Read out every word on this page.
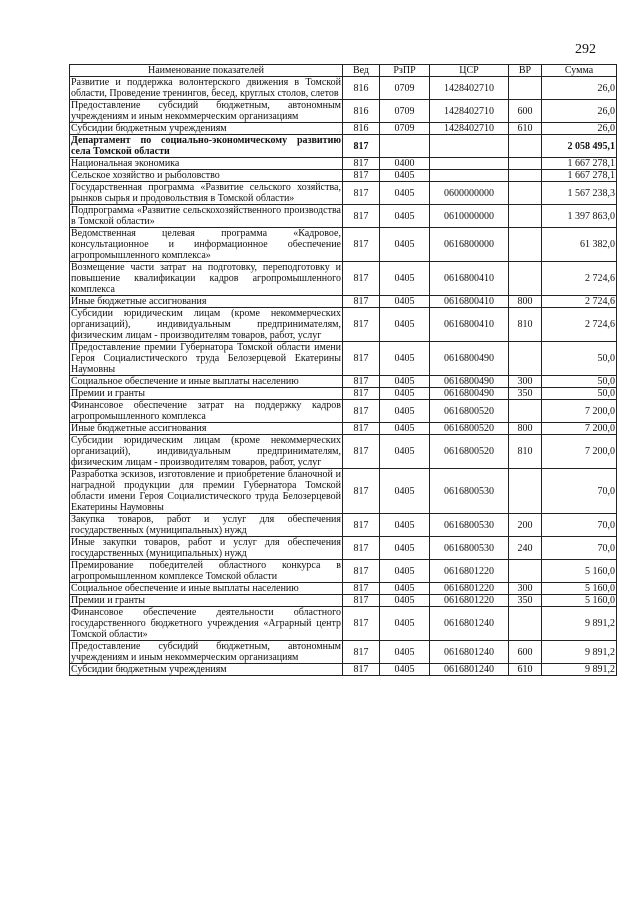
292
Наименование показателей	Вед	РзПР	ЦСР	ВР	Сумма
Развитие и поддержка волонтерского движения в Томской области, Проведение тренингов, бесед, круглых столов, слетов	816	0709	1428402710		26,0
Предоставление субсидий бюджетным, автономным учреждениям и иным некоммерческим организациям	816	0709	1428402710	600	26,0
Субсидии бюджетным учреждениям	816	0709	1428402710	610	26,0
Департамент по социально-экономическому развитию села Томской области	817				2 058 495,1
Национальная экономика	817	0400			1 667 278,1
Сельское хозяйство и рыболовство	817	0405			1 667 278,1
Государственная программа «Развитие сельского хозяйства, рынков сырья и продовольствия в Томской области»	817	0405	0600000000		1 567 238,3
Подпрограмма «Развитие сельскохозяйственного производства в Томской области»	817	0405	0610000000		1 397 863,0
Ведомственная целевая программа «Кадровое, консультационное и информационное обеспечение агропромышленного комплекса»	817	0405	0616800000		61 382,0
Возмещение части затрат на подготовку, переподготовку и повышение квалификации кадров агропромышленного комплекса	817	0405	0616800410		2 724,6
Иные бюджетные ассигнования	817	0405	0616800410	800	2 724,6
Субсидии юридическим лицам (кроме некоммерческих организаций), индивидуальным предпринимателям, физическим лицам - производителям товаров, работ, услуг	817	0405	0616800410	810	2 724,6
Предоставление премии Губернатора Томской области имени Героя Социалистического труда Белозерцевой Екатерины Наумовны	817	0405	0616800490		50,0
Социальное обеспечение и иные выплаты населению	817	0405	0616800490	300	50,0
Премии и гранты	817	0405	0616800490	350	50,0
Финансовое обеспечение затрат на поддержку кадров агропромышленного комплекса	817	0405	0616800520		7 200,0
Иные бюджетные ассигнования	817	0405	0616800520	800	7 200,0
Субсидии юридическим лицам (кроме некоммерческих организаций), индивидуальным предпринимателям, физическим лицам - производителям товаров, работ, услуг	817	0405	0616800520	810	7 200,0
Разработка эскизов, изготовление и приобретение бланочной и наградной продукции для премии Губернатора Томской области имени Героя Социалистического труда Белозерцевой Екатерины Наумовны	817	0405	0616800530		70,0
Закупка товаров, работ и услуг для обеспечения государственных (муниципальных) нужд	817	0405	0616800530	200	70,0
Иные закупки товаров, работ и услуг для обеспечения государственных (муниципальных) нужд	817	0405	0616800530	240	70,0
Премирование победителей областного конкурса в агропромышленном комплексе Томской области	817	0405	0616801220		5 160,0
Социальное обеспечение и иные выплаты населению	817	0405	0616801220	300	5 160,0
Премии и гранты	817	0405	0616801220	350	5 160,0
Финансовое обеспечение деятельности областного государственного бюджетного учреждения «Аграрный центр Томской области»	817	0405	0616801240		9 891,2
Предоставление субсидий бюджетным, автономным учреждениям и иным некоммерческим организациям	817	0405	0616801240	600	9 891,2
Субсидии бюджетным учреждениям	817	0405	0616801240	610	9 891,2
